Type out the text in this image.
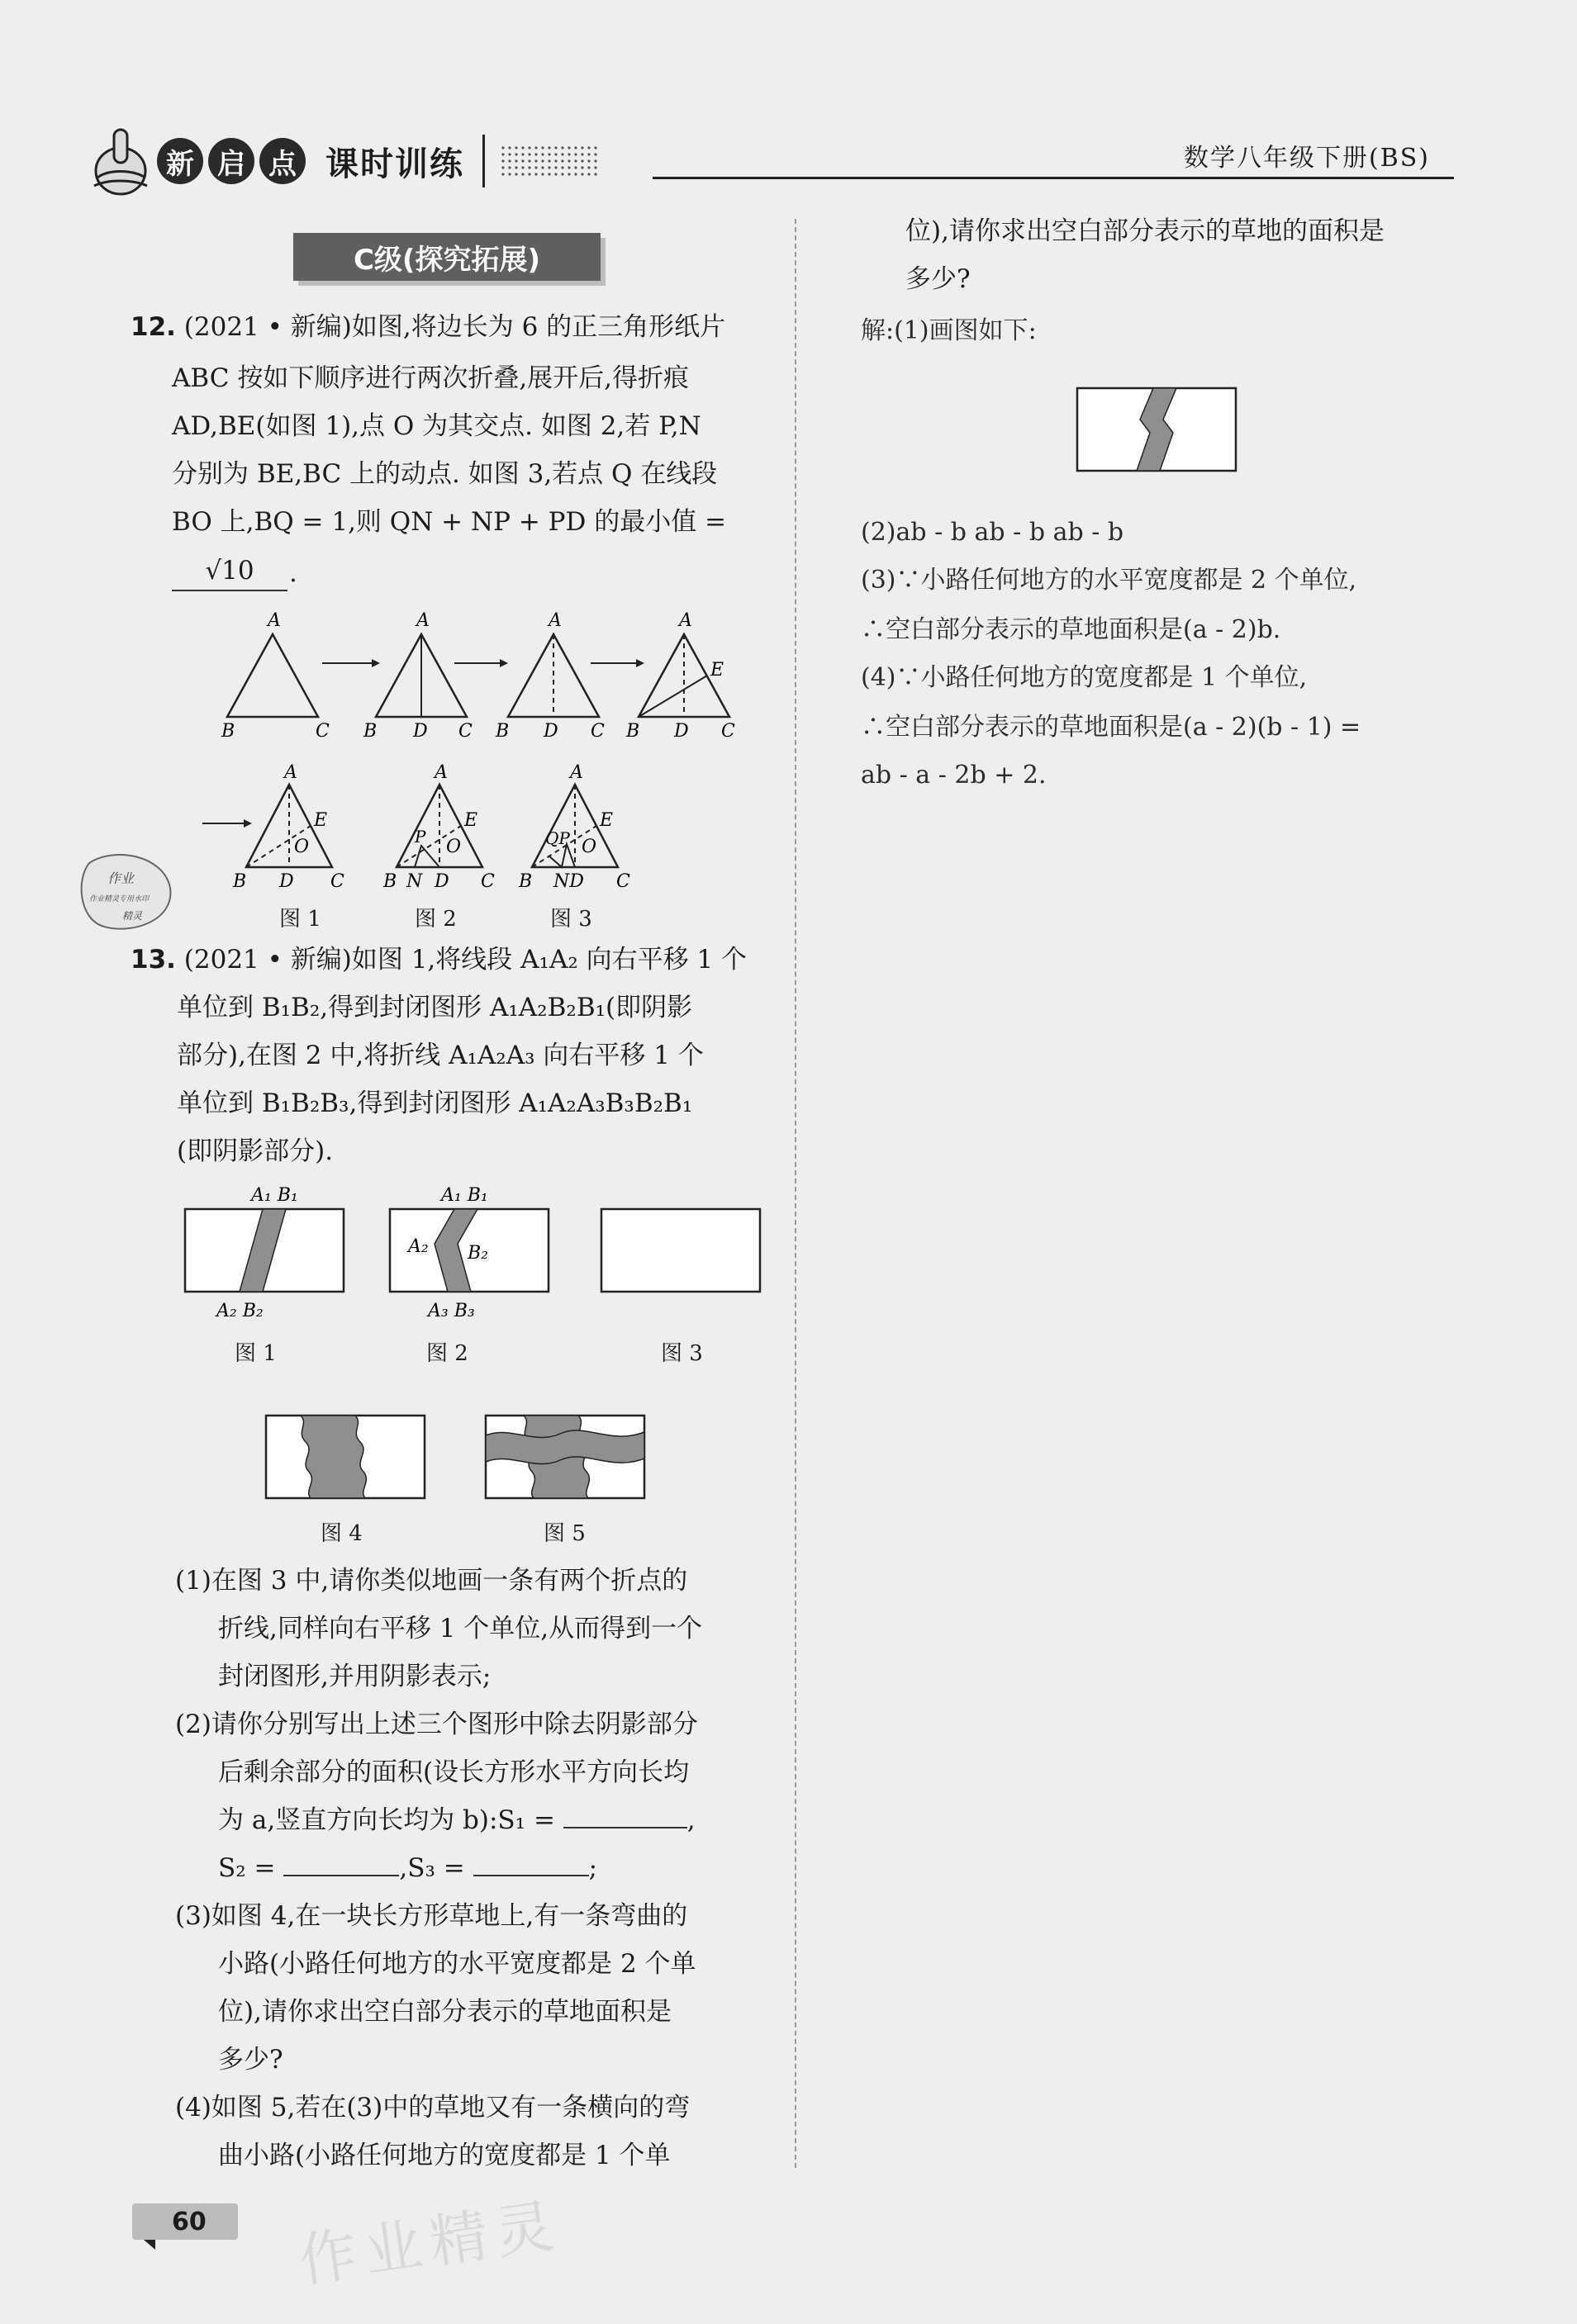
新 启 点 课时训练	数学八年级下册(BS)
C级(探究拓展)
12. (2021 • 新编)如图,将边长为 6 的正三角形纸片
ABC 按如下顺序进行两次折叠,展开后,得折痕
AD,BE(如图 1),点 O 为其交点. 如图 2,若 P,N
分别为 BE,BC 上的动点. 如图 3,若点 Q 在线段
BO 上,BQ = 1,则 QN + NP + PD 的最小值 =
√10	.
A
B	C
A
B D C
A
B D C
A
E
B D C
A
E
O
B D C
A
E
P O
B N D C
A
E
QP O
B ND C
图 1	图 2	图 3
作业
作业精灵专用水印
精灵
13. (2021 • 新编)如图 1,将线段 A₁A₂ 向右平移 1 个
单位到 B₁B₂,得到封闭图形 A₁A₂B₂B₁(即阴影
部分),在图 2 中,将折线 A₁A₂A₃ 向右平移 1 个
单位到 B₁B₂B₃,得到封闭图形 A₁A₂A₃B₃B₂B₁
(即阴影部分).
A₁ B₁
A₂ B₂
A₁ B₁
A₂ B₂
A₃ B₃
图 1	图 2	图 3
图 4	图 5
(1)在图 3 中,请你类似地画一条有两个折点的
折线,同样向右平移 1 个单位,从而得到一个
封闭图形,并用阴影表示;
(2)请你分别写出上述三个图形中除去阴影部分
后剩余部分的面积(设长方形水平方向长均
为 a,竖直方向长均为 b):S₁ =	,
S₂ =	,S₃ =	;
(3)如图 4,在一块长方形草地上,有一条弯曲的
小路(小路任何地方的水平宽度都是 2 个单
位),请你求出空白部分表示的草地面积是
多少?
(4)如图 5,若在(3)中的草地又有一条横向的弯
曲小路(小路任何地方的宽度都是 1 个单
位),请你求出空白部分表示的草地的面积是
多少?
解:(1)画图如下:
(2)ab - b ab - b ab - b
(3)∵小路任何地方的水平宽度都是 2 个单位,
∴空白部分表示的草地面积是(a - 2)b.
(4)∵小路任何地方的宽度都是 1 个单位,
∴空白部分表示的草地面积是(a - 2)(b - 1) =
ab - a - 2b + 2.
60	作业精灵
